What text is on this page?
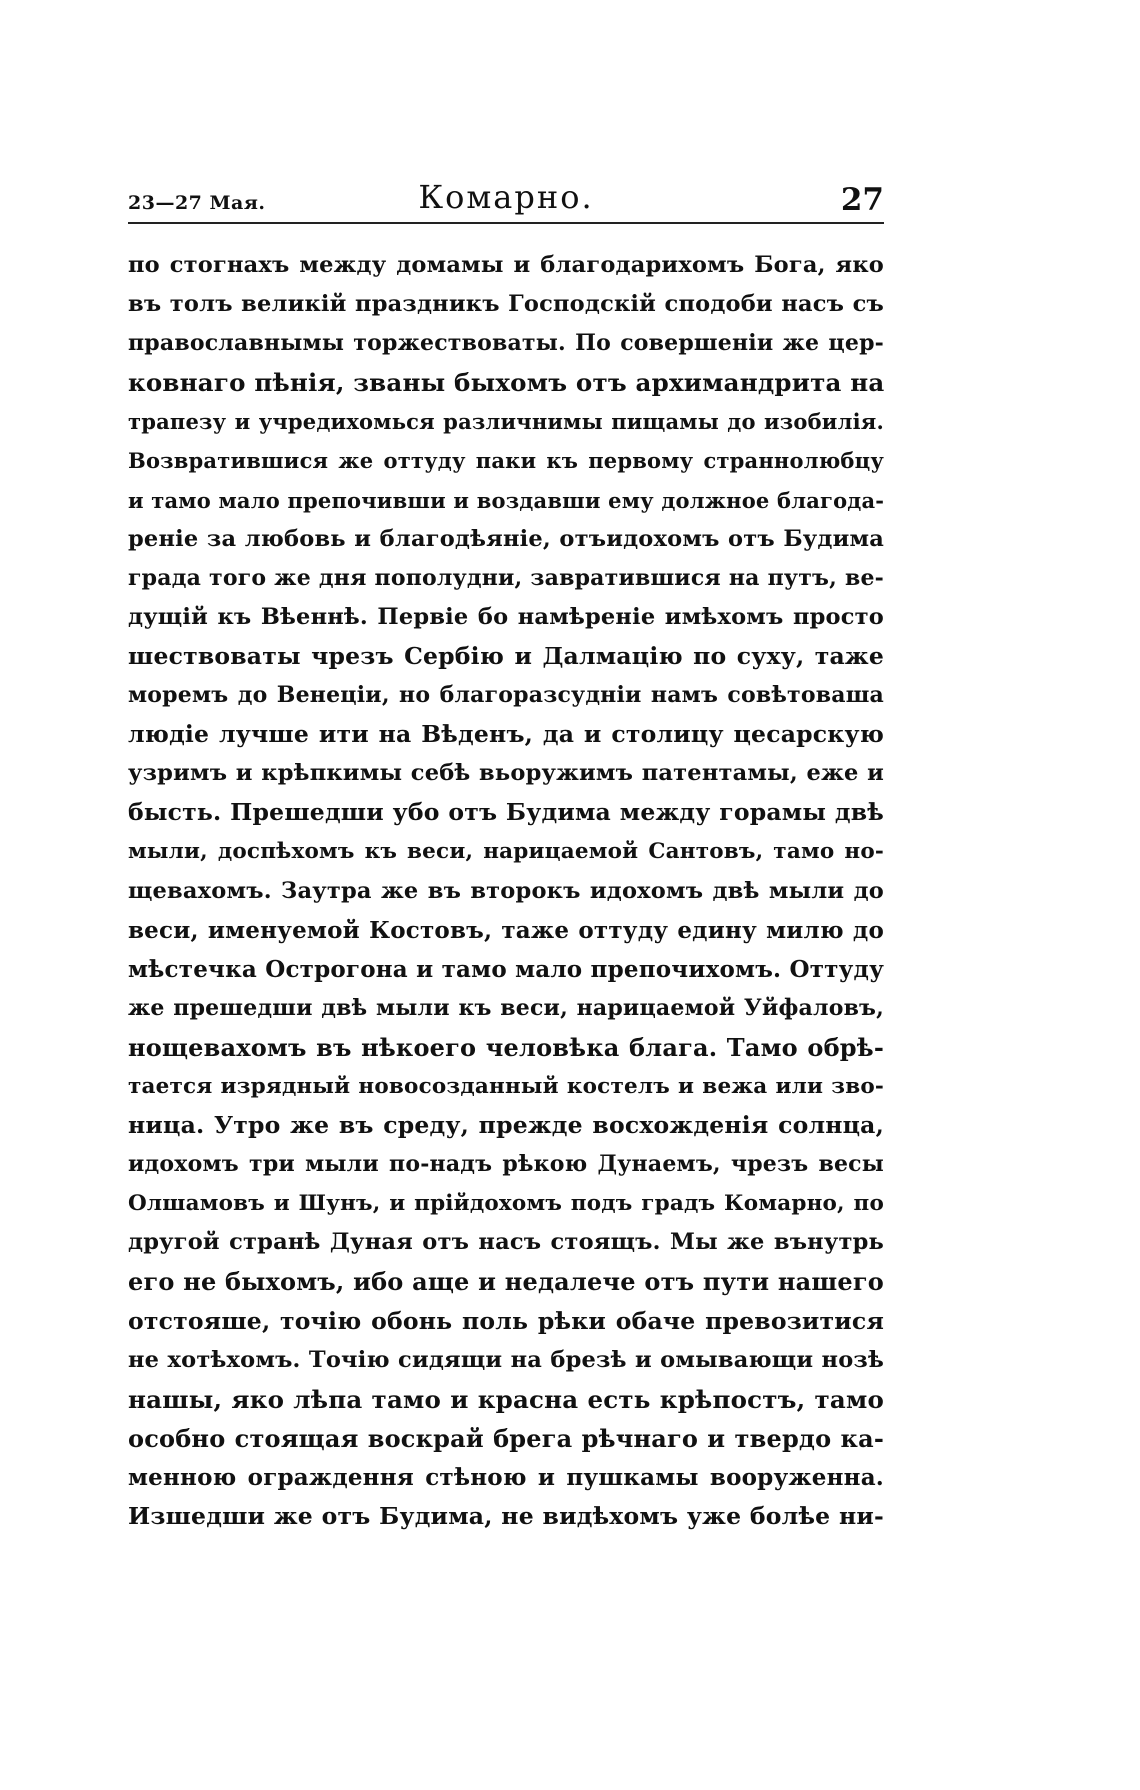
23—27 Мая.	Комарно.	27
по стогнахъ между домамы и благодарихомъ Бога, яко
въ толъ великій праздникъ Господскій сподоби насъ съ
православнымы торжествоваты. По совершеніи же цер-
ковнаго пѣнія, званы быхомъ отъ архимандрита на
трапезу и учредихомься различнимы пищамы до изобилія.
Возвратившися же оттуду паки къ первому страннолюбцу
и тамо мало препочивши и воздавши ему должное благода-
реніе за любовь и благодѣяніе, отъидохомъ отъ Будима
града того же дня пополудни, завратившися на путъ, ве-
дущій къ Вѣеннѣ. Первіе бо намѣреніе имѣхомъ просто
шествоваты чрезъ Сербію и Далмацію по суху, таже
моремъ до Венеціи, но благоразсудніи намъ совѣтоваша
людіе лучше ити на Вѣденъ, да и столицу цесарскую
узримъ и крѣпкимы себѣ вьоружимъ патентамы, еже и
бысть. Прешедши убо отъ Будима между горамы двѣ
мыли, доспѣхомъ къ веси, нарицаемой Сантовъ, тамо но-
щевахомъ. Заутра же въ второкъ идохомъ двѣ мыли до
веси, именуемой Костовъ, таже оттуду едину милю до
мѣстечка Острогона и тамо мало препочихомъ. Оттуду
же прешедши двѣ мыли къ веси, нарицаемой Уйфаловъ,
нощевахомъ въ нѣкоего человѣка блага. Тамо обрѣ-
тается изрядный новосозданный костелъ и вежа или зво-
ница. Утро же въ среду, прежде восхожденія солнца,
идохомъ три мыли по-надъ рѣкою Дунаемъ, чрезъ весы
Олшамовъ и Шунъ, и прійдохомъ подъ градъ Комарно, по
другой странѣ Дуная отъ насъ стоящъ. Мы же вънутрь
его не быхомъ, ибо аще и недалече отъ пути нашего
отстояше, точію обонь поль рѣки обаче превозитися
не хотѣхомъ. Точію сидящи на брезѣ и омывающи нозѣ
нашы, яко лѣпа тамо и красна есть крѣпостъ, тамо
особно стоящая воскрай брега рѣчнаго и твердо ка-
менною ограждення стѣною и пушкамы вооруженна.
Изшедши же отъ Будима, не видѣхомъ уже болѣе ни-
